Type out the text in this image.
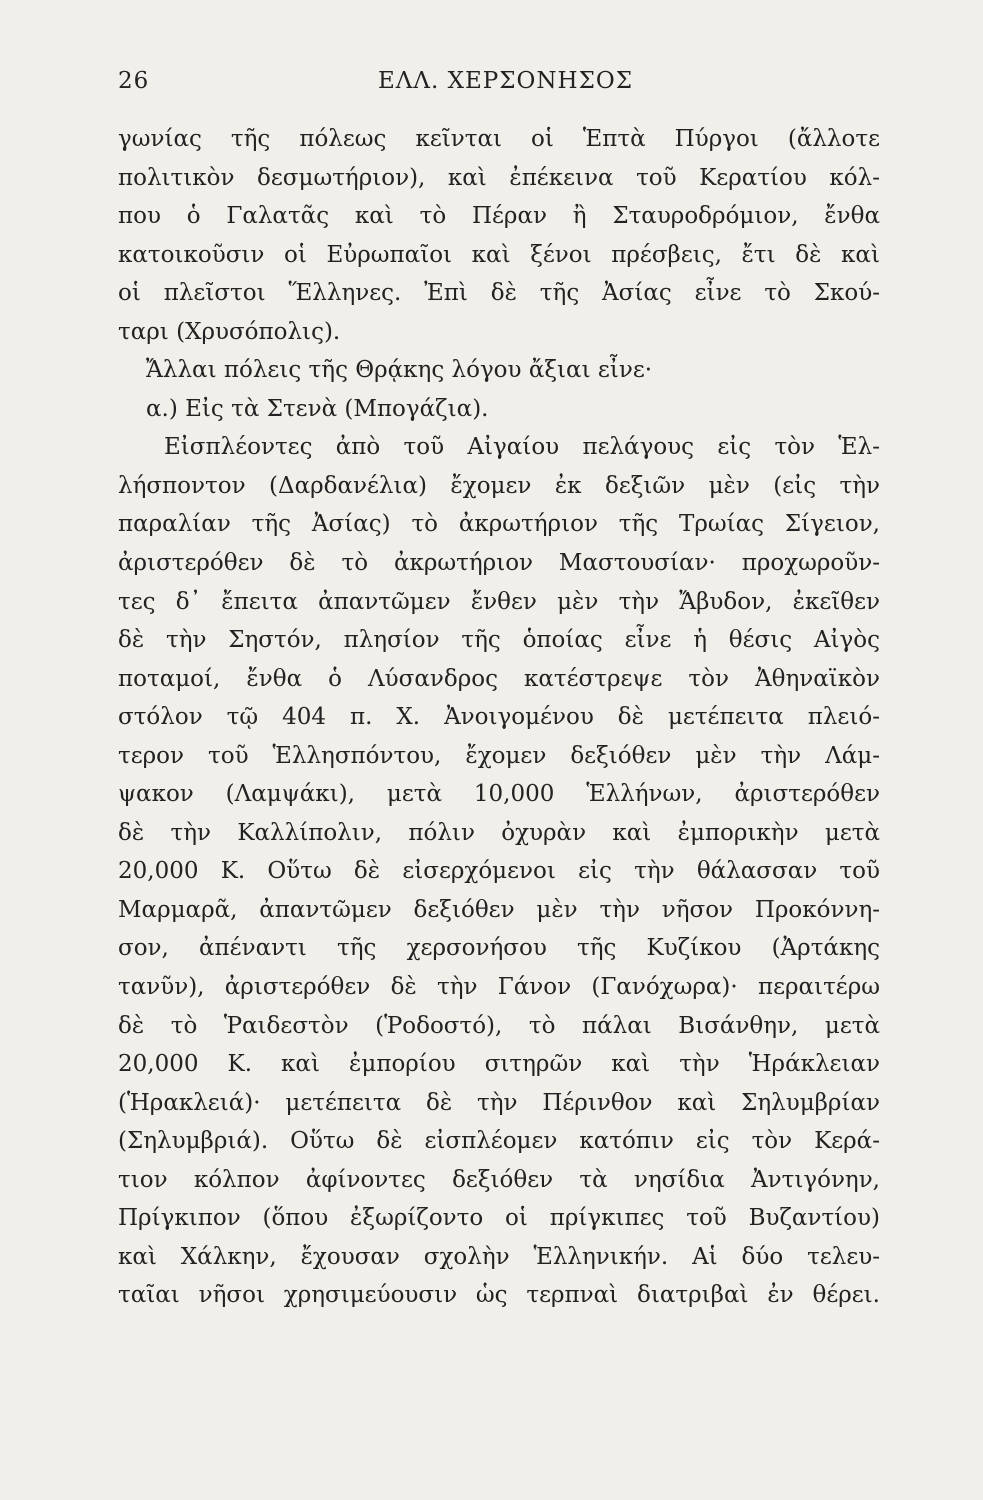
26	ΕΛΛ. ΧΕΡΣΟΝΗΣΟΣ
γωνίας τῆς πόλεως κεῖνται οἱ Ἑπτὰ Πύργοι (ἄλλοτε
πολιτικὸν δεσμωτήριον), καὶ ἐπέκεινα τοῦ Κερατίου κόλ-
που ὁ Γαλατᾶς καὶ τὸ Πέραν ἢ Σταυροδρόμιον, ἔνθα
κατοικοῦσιν οἱ Εὐρωπαῖοι καὶ ξένοι πρέσβεις, ἔτι δὲ καὶ
οἱ πλεῖστοι Ἕλληνες. Ἐπὶ δὲ τῆς Ἀσίας εἶνε τὸ Σκού-
ταρι (Χρυσόπολις).
Ἄλλαι πόλεις τῆς Θρᾴκης λόγου ἄξιαι εἶνε·
α.) Εἰς τὰ Στενὰ (Μπογάζια).
Εἰσπλέοντες ἀπὸ τοῦ Αἰγαίου πελάγους εἰς τὸν Ἑλ-
λήσποντον (Δαρδανέλια) ἔχομεν ἐκ δεξιῶν μὲν (εἰς τὴν
παραλίαν τῆς Ἀσίας) τὸ ἀκρωτήριον τῆς Τρωίας Σίγειον,
ἀριστερόθεν δὲ τὸ ἀκρωτήριον Μαστουσίαν· προχωροῦν-
τες δ᾽ ἔπειτα ἀπαντῶμεν ἔνθεν μὲν τὴν Ἄβυδον, ἐκεῖθεν
δὲ τὴν Σηστόν, πλησίον τῆς ὁποίας εἶνε ἡ θέσις Αἰγὸς
ποταμοί, ἔνθα ὁ Λύσανδρος κατέστρεψε τὸν Ἀθηναϊκὸν
στόλον τῷ 404 π. Χ. Ἀνοιγομένου δὲ μετέπειτα πλειό-
τερον τοῦ Ἑλλησπόντου, ἔχομεν δεξιόθεν μὲν τὴν Λάμ-
ψακον (Λαμψάκι), μετὰ 10,000 Ἑλλήνων, ἀριστερόθεν
δὲ τὴν Καλλίπολιν, πόλιν ὀχυρὰν καὶ ἐμπορικὴν μετὰ
20,000 Κ. Οὕτω δὲ εἰσερχόμενοι εἰς τὴν θάλασσαν τοῦ
Μαρμαρᾶ, ἀπαντῶμεν δεξιόθεν μὲν τὴν νῆσον Προκόννη-
σον, ἀπέναντι τῆς χερσονήσου τῆς Κυζίκου (Ἀρτάκης
τανῦν), ἀριστερόθεν δὲ τὴν Γάνον (Γανόχωρα)· περαιτέρω
δὲ τὸ Ῥαιδεστὸν (Ῥοδοστό), τὸ πάλαι Βισάνθην, μετὰ
20,000 Κ. καὶ ἐμπορίου σιτηρῶν καὶ τὴν Ἡράκλειαν
(Ἡρακλειά)· μετέπειτα δὲ τὴν Πέρινθον καὶ Σηλυμβρίαν
(Σηλυμβριά). Οὕτω δὲ εἰσπλέομεν κατόπιν εἰς τὸν Κερά-
τιον κόλπον ἀφίνοντες δεξιόθεν τὰ νησίδια Ἀντιγόνην,
Πρίγκιπον (ὅπου ἐξωρίζοντο οἱ πρίγκιπες τοῦ Βυζαντίου)
καὶ Χάλκην, ἔχουσαν σχολὴν Ἑλληνικήν. Αἱ δύο τελευ-
ταῖαι νῆσοι χρησιμεύουσιν ὡς τερπναὶ διατριβαὶ ἐν θέρει.
